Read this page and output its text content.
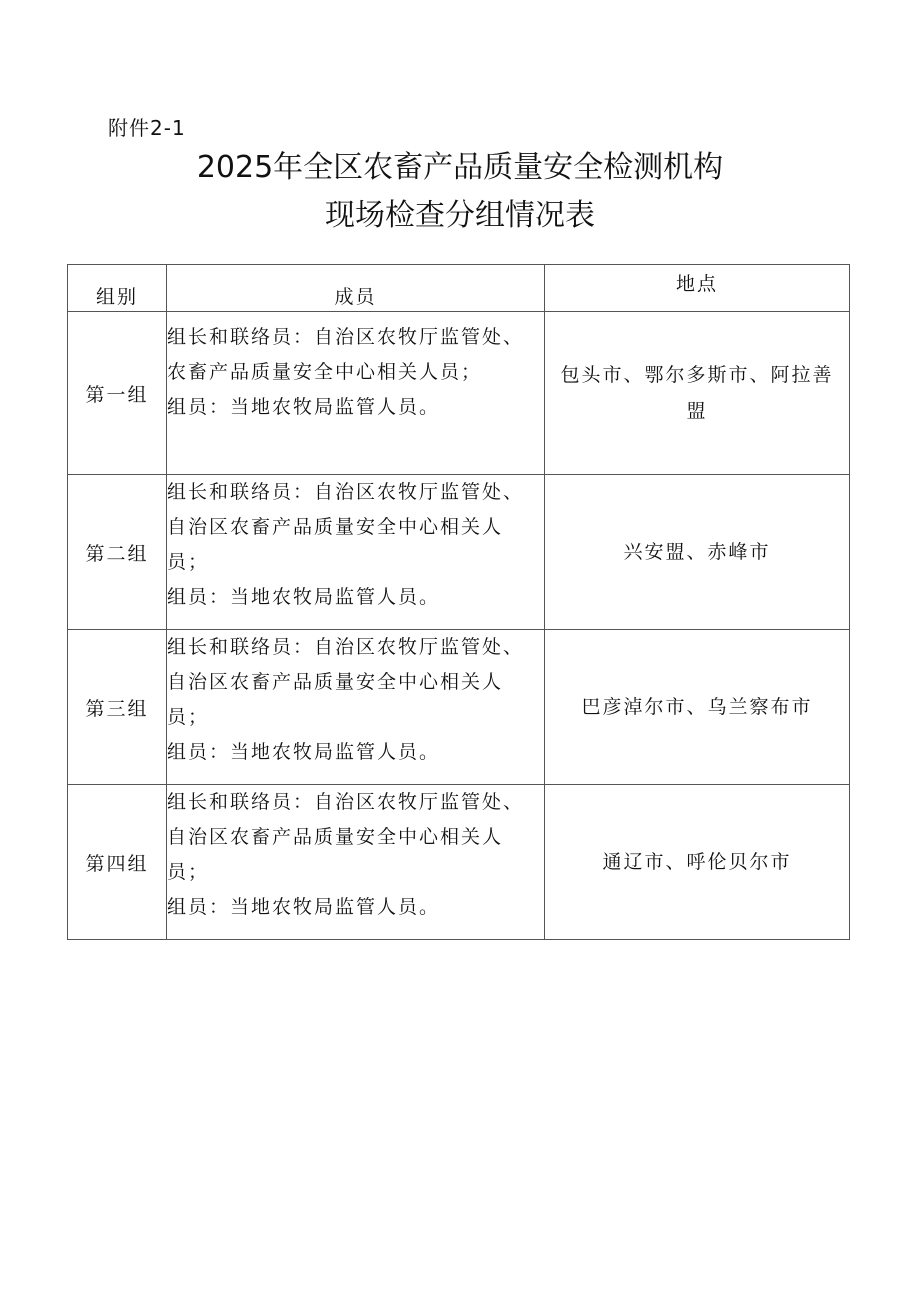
附件2-1
2025年全区农畜产品质量安全检测机构
现场检查分组情况表
组别	成员	地点
第一组	组长和联络员：自治区农牧厅监管处、
农畜产品质量安全中心相关人员；
组员：当地农牧局监管人员。	包头市、鄂尔多斯市、阿拉善
盟

第二组	组长和联络员：自治区农牧厅监管处、
自治区农畜产品质量安全中心相关人
员；
组员：当地农牧局监管人员。	兴安盟、赤峰市

第三组	组长和联络员：自治区农牧厅监管处、
自治区农畜产品质量安全中心相关人
员；
组员：当地农牧局监管人员。	巴彦淖尔市、乌兰察布市

第四组	组长和联络员：自治区农牧厅监管处、
自治区农畜产品质量安全中心相关人
员；
组员：当地农牧局监管人员。	通辽市、呼伦贝尔市
